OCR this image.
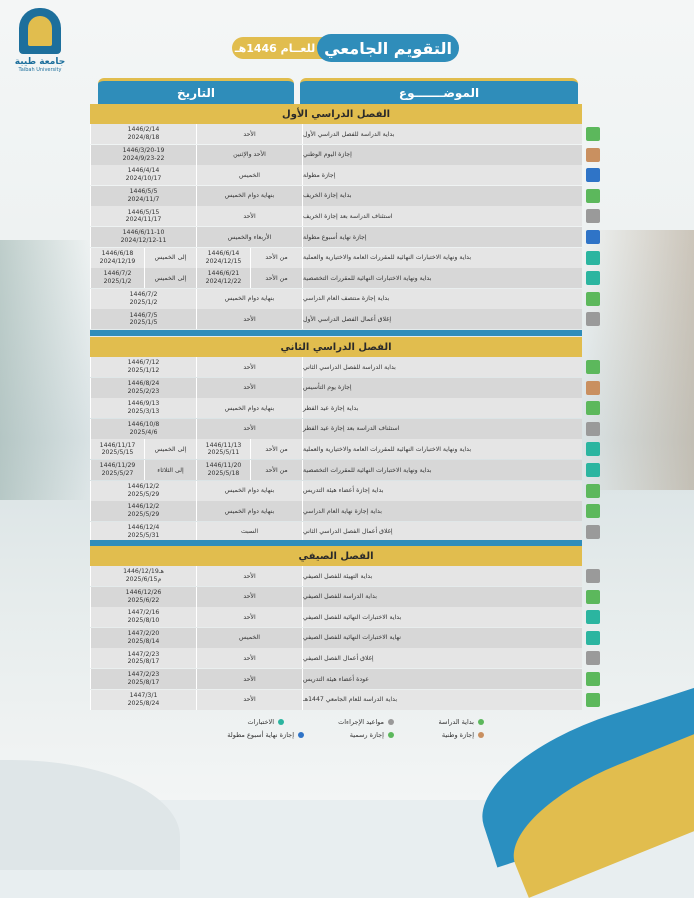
جامعة طيبة
Taibah University
للعــام 1446هـ التقويم الجامعي
الموضـــــــوع
التاريخ
الفصل الدراسي الأول
بداية الدراسة للفصل الدراسي الأول
الأحد
1446/2/14
2024/8/18
إجازة اليوم الوطني
الأحد والإثنين
1446/3/20-19
2024/9/23-22
إجازة مطولة
الخميس
1446/4/14
2024/10/17
بداية إجازة الخريف
بنهاية دوام الخميس
1446/5/5
2024/11/7
استئناف الدراسة بعد إجازة الخريف
الأحد
1446/5/15
2024/11/17
إجازة نهاية أسبوع مطولة
الأربعاء والخميس
1446/6/11-10
2024/12/12-11
بداية ونهاية الاختبارات النهائية للمقررات العامة والاختيارية والعملية
من الأحد
1446/6/14
2024/12/15
إلى الخميس
1446/6/18
2024/12/19
بداية ونهاية الاختبارات النهائية للمقررات التخصصية
من الأحد
1446/6/21
2024/12/22
إلى الخميس
1446/7/2
2025/1/2
بداية إجازة منتصف العام الدراسي
بنهاية دوام الخميس
1446/7/2
2025/1/2
إغلاق أعمال الفصل الدراسي الأول
الأحد
1446/7/5
2025/1/5
الفصل الدراسي الثاني
بداية الدراسة للفصل الدراسي الثاني
الأحد
1446/7/12
2025/1/12
إجازة يوم التأسيس
الأحد
1446/8/24
2025/2/23
بداية إجازة عيد الفطر
بنهاية دوام الخميس
1446/9/13
2025/3/13
استئناف الدراسة بعد إجازة عيد الفطر
الأحد
1446/10/8
2025/4/6
بداية ونهاية الاختبارات النهائية للمقررات العامة والاختيارية والعملية
من الأحد
1446/11/13
2025/5/11
إلى الخميس
1446/11/17
2025/5/15
بداية ونهاية الاختبارات النهائية للمقررات التخصصية
من الأحد
1446/11/20
2025/5/18
إلى الثلاثاء
1446/11/29
2025/5/27
بداية إجازة أعضاء هيئة التدريس
بنهاية دوام الخميس
1446/12/2
2025/5/29
بداية إجازة نهاية العام الدراسي
بنهاية دوام الخميس
1446/12/2
2025/5/29
إغلاق أعمال الفصل الدراسي الثاني
السبت
1446/12/4
2025/5/31
الفصل الصيفي
بداية التهيئة للفصل الصيفي
الأحد
1446/12/19هـ
2025/6/15م
بداية الدراسة للفصل الصيفي
الأحد
1446/12/26
2025/6/22
بداية الاختبارات النهائية للفصل الصيفي
الأحد
1447/2/16
2025/8/10
نهاية الاختبارات النهائية للفصل الصيفي
الخميس
1447/2/20
2025/8/14
إغلاق أعمال الفصل الصيفي
الأحد
1447/2/23
2025/8/17
عودة أعضاء هيئة التدريس
الأحد
1447/2/23
2025/8/17
بداية الدراسة للعام الجامعي 1447هـ
الأحد
1447/3/1
2025/8/24
بداية الدراسة
مواعيد الإجراءات
الاختبارات
إجازة وطنية
إجازة رسمية
إجازة نهاية أسبوع مطولة
